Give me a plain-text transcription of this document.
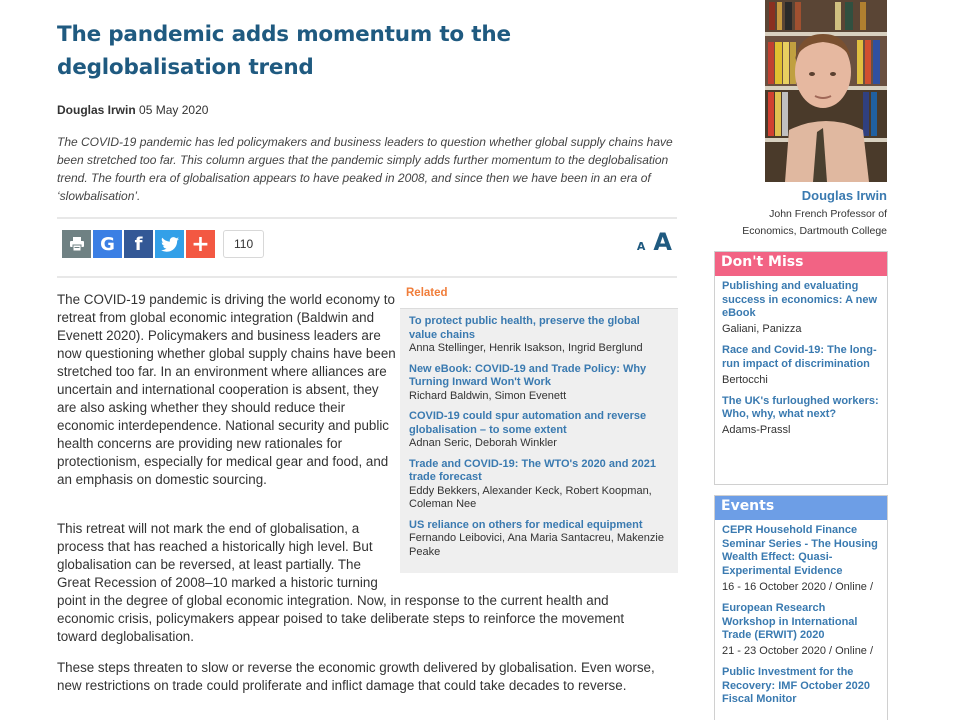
The pandemic adds momentum to the deglobalisation trend
Douglas Irwin 05 May 2020

The COVID-19 pandemic has led policymakers and business leaders to question whether global supply chains have been stretched too far. This column argues that the pandemic simply adds further momentum to the deglobalisation trend. The fourth era of globalisation appears to have peaked in 2008, and since then we have been in an era of ‘slowbalisation’.

G f +	110	A A

The COVID-19 pandemic is driving the world economy to retreat from global economic integration (Baldwin and Evenett 2020). Policymakers and business leaders are now questioning whether global supply chains have been stretched too far. In an environment where alliances are uncertain and international cooperation is absent, they are also asking whether they should reduce their economic interdependence. National security and public health concerns are providing new rationales for protectionism, especially for medical gear and food, and an emphasis on domestic sourcing.

This retreat will not mark the end of globalisation, a process that has reached a historically high level. But globalisation can be reversed, at least partially. The Great Recession of 2008–10 marked a historic turning
point in the degree of global economic integration. Now, in response to the current health and economic crisis, policymakers appear poised to take deliberate steps to reinforce the movement toward deglobalisation.

These steps threaten to slow or reverse the economic growth delivered by globalisation. Even worse, new restrictions on trade could proliferate and inflict damage that could take decades to reverse.

Related
To protect public health, preserve the global value chains
Anna Stellinger, Henrik Isakson, Ingrid Berglund
New eBook: COVID-19 and Trade Policy: Why Turning Inward Won't Work
Richard Baldwin, Simon Evenett
COVID-19 could spur automation and reverse globalisation – to some extent
Adnan Seric, Deborah Winkler
Trade and COVID-19: The WTO's 2020 and 2021 trade forecast
Eddy Bekkers, Alexander Keck, Robert Koopman, Coleman Nee
US reliance on others for medical equipment
Fernando Leibovici, Ana Maria Santacreu, Makenzie Peake
Douglas Irwin
John French Professor of Economics, Dartmouth College
Don't Miss
Publishing and evaluating success in economics: A new eBook
Galiani, Panizza
Race and Covid-19: The long-run impact of discrimination
Bertocchi
The UK's furloughed workers: Who, why, what next?
Adams-Prassl
Events
CEPR Household Finance Seminar Series - The Housing Wealth Effect: Quasi-Experimental Evidence
16 - 16 October 2020 / Online /
European Research Workshop in International Trade (ERWIT) 2020
21 - 23 October 2020 / Online /
Public Investment for the Recovery: IMF October 2020 Fiscal Monitor
